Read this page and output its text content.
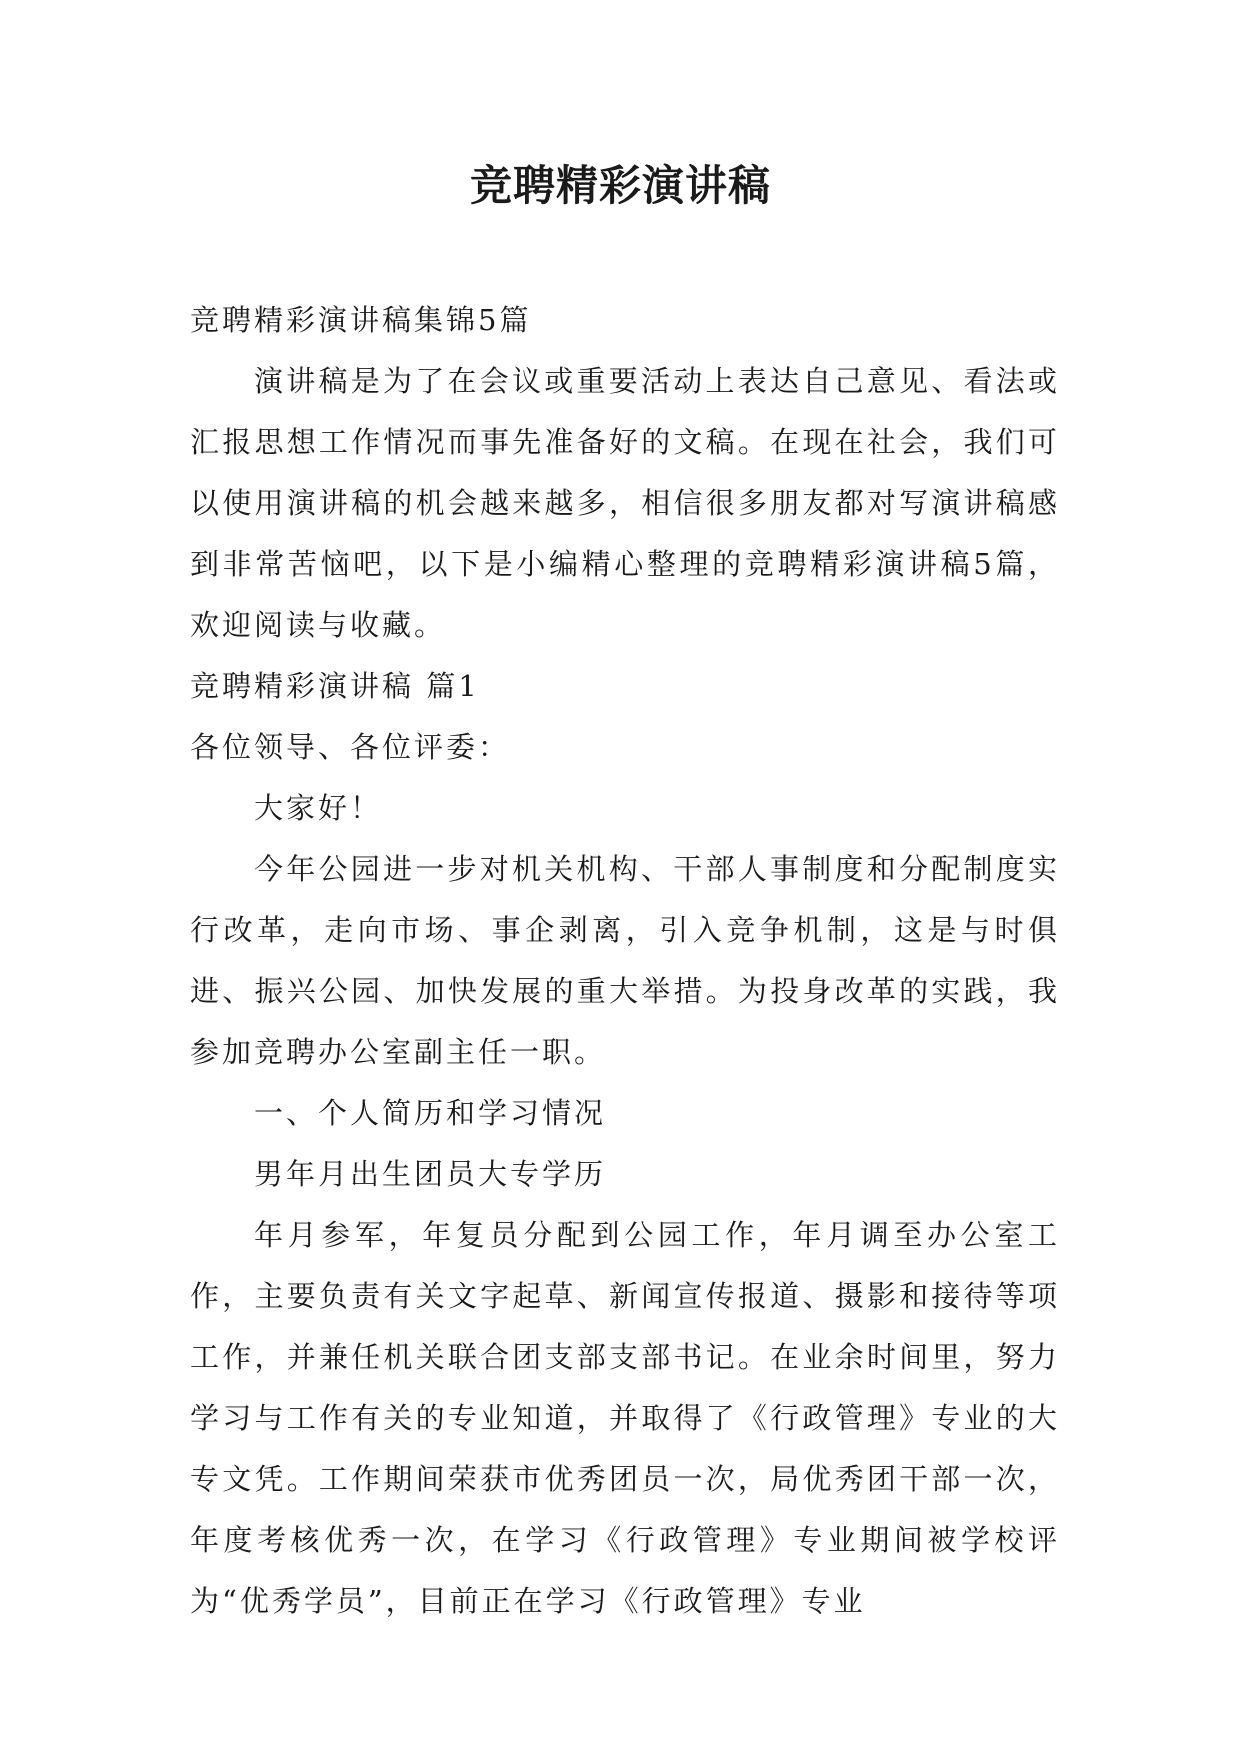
竞聘精彩演讲稿

竞聘精彩演讲稿集锦5篇

演讲稿是为了在会议或重要活动上表达自己意见、看法或汇报思想工作情况而事先准备好的文稿。在现在社会，我们可以使用演讲稿的机会越来越多，相信很多朋友都对写演讲稿感到非常苦恼吧，以下是小编精心整理的竞聘精彩演讲稿5篇，欢迎阅读与收藏。

竞聘精彩演讲稿 篇1

各位领导、各位评委：

大家好！

今年公园进一步对机关机构、干部人事制度和分配制度实行改革，走向市场、事企剥离，引入竞争机制，这是与时俱进、振兴公园、加快发展的重大举措。为投身改革的实践，我参加竞聘办公室副主任一职。

一、个人简历和学习情况

男年月出生团员大专学历

年月参军，年复员分配到公园工作，年月调至办公室工作，主要负责有关文字起草、新闻宣传报道、摄影和接待等项工作，并兼任机关联合团支部支部书记。在业余时间里，努力学习与工作有关的专业知道，并取得了《行政管理》专业的大专文凭。工作期间荣获市优秀团员一次，局优秀团干部一次，年度考核优秀一次，在学习《行政管理》专业期间被学校评为“优秀学员”，目前正在学习《行政管理》专业
